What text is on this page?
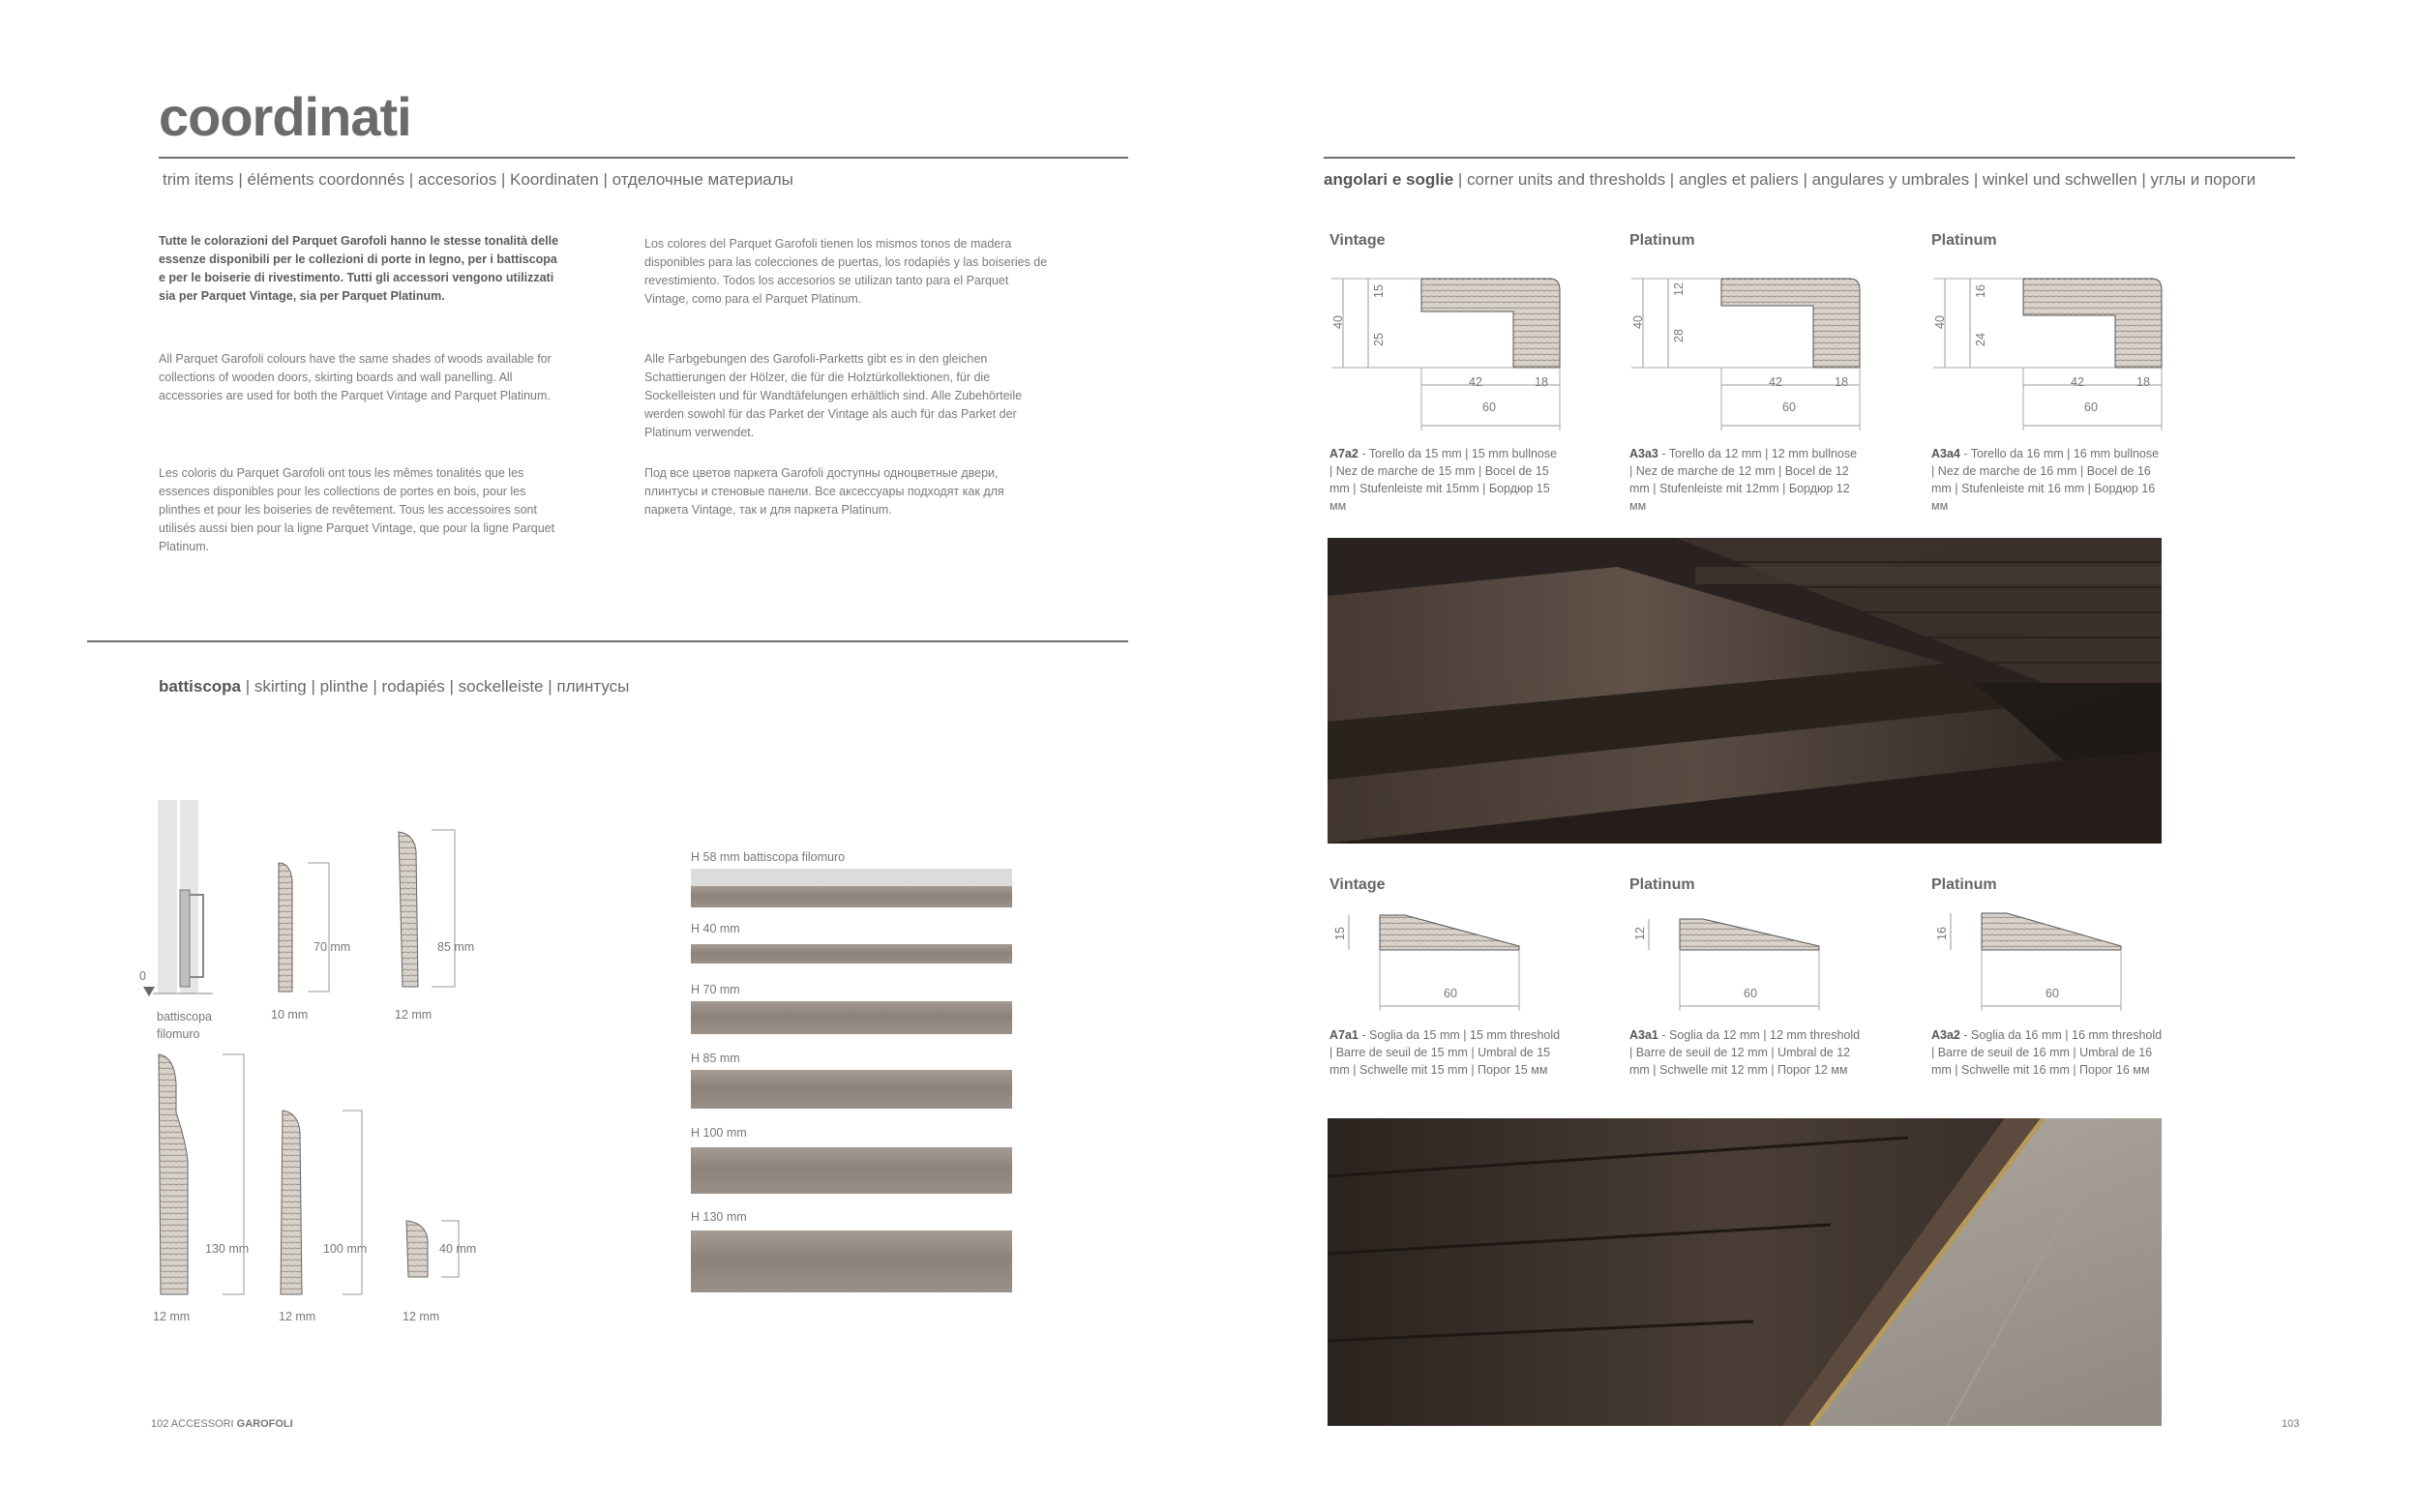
coordinati
trim items | éléments coordonnés | accesorios | Koordinaten | отделочные материалы
Tutte le colorazioni del Parquet Garofoli hanno le stesse tonalità delle essenze disponibili per le collezioni di porte in legno, per i battiscopa e per le boiserie di rivestimento. Tutti gli accessori vengono utilizzati sia per Parquet Vintage, sia per Parquet Platinum.
Los colores del Parquet Garofoli tienen los mismos tonos de madera disponibles para las colecciones de puertas, los rodapiés y las boiseries de revestimiento. Todos los accesorios se utilizan tanto para el Parquet Vintage, como para el Parquet Platinum.
All Parquet Garofoli colours have the same shades of woods available for collections of wooden doors, skirting boards and wall panelling. All accessories are used for both the Parquet Vintage and Parquet Platinum.
Alle Farbgebungen des Garofoli-Parketts gibt es in den gleichen Schattierungen der Hölzer, die für die Holztürkollektionen, für die Sockelleisten und für Wandtäfelungen erhältlich sind. Alle Zubehörteile werden sowohl für das Parket der Vintage als auch für das Parket der Platinum verwendet.
Les coloris du Parquet Garofoli ont tous les mêmes tonalités que les essences disponibles pour les collections de portes en bois, pour les plinthes et pour les boiseries de revêtement. Tous les accessoires sont utilisés aussi bien pour la ligne Parquet Vintage, que pour la ligne Parquet Platinum.
Под все цветов паркета Garofoli доступны одноцветные двери, плинтусы и стеновые панели. Все аксессуары подходят как для паркета Vintage, так и для паркета Platinum.
battiscopa | skirting | plinthe | rodapiés | sockelleiste | плинтусы
0
battiscopa filomuro
70 mm
10 mm
85 mm
12 mm
130 mm
12 mm
100 mm
12 mm
40 mm
12 mm
H 58 mm battiscopa filomuro
H 40 mm
H 70 mm
H 85 mm
H 100 mm
H 130 mm
102 ACCESSORI GAROFOLI
angolari e soglie | corner units and thresholds | angles et paliers | angulares y umbrales | winkel und schwellen | углы и пороги
Vintage
15
25
40
42	18
60
A7a2 - Torello da 15 mm | 15 mm bullnose | Nez de marche de 15 mm | Bocel de 15 mm | Stufenleiste mit 15mm | Бордюр 15 мм
Platinum
12
28
40
42	18
60
A3a3 - Torello da 12 mm | 12 mm bullnose | Nez de marche de 12 mm | Bocel de 12 mm | Stufenleiste mit 12mm | Бордюр 12 мм
Platinum
16
24
40
42	18
60
A3a4 - Torello da 16 mm | 16 mm bullnose | Nez de marche de 16 mm | Bocel de 16 mm | Stufenleiste mit 16 mm | Бордюр 16 мм
Vintage
15
60
A7a1 - Soglia da 15 mm | 15 mm threshold | Barre de seuil de 15 mm | Umbral de 15 mm | Schwelle mit 15 mm | Порог 15 мм
Platinum
12
60
A3a1 - Soglia da 12 mm | 12 mm threshold | Barre de seuil de 12 mm | Umbral de 12 mm | Schwelle mit 12 mm | Порог 12 мм
Platinum
16
60
A3a2 - Soglia da 16 mm | 16 mm threshold | Barre de seuil de 16 mm | Umbral de 16 mm | Schwelle mit 16 mm | Порог 16 мм
103
